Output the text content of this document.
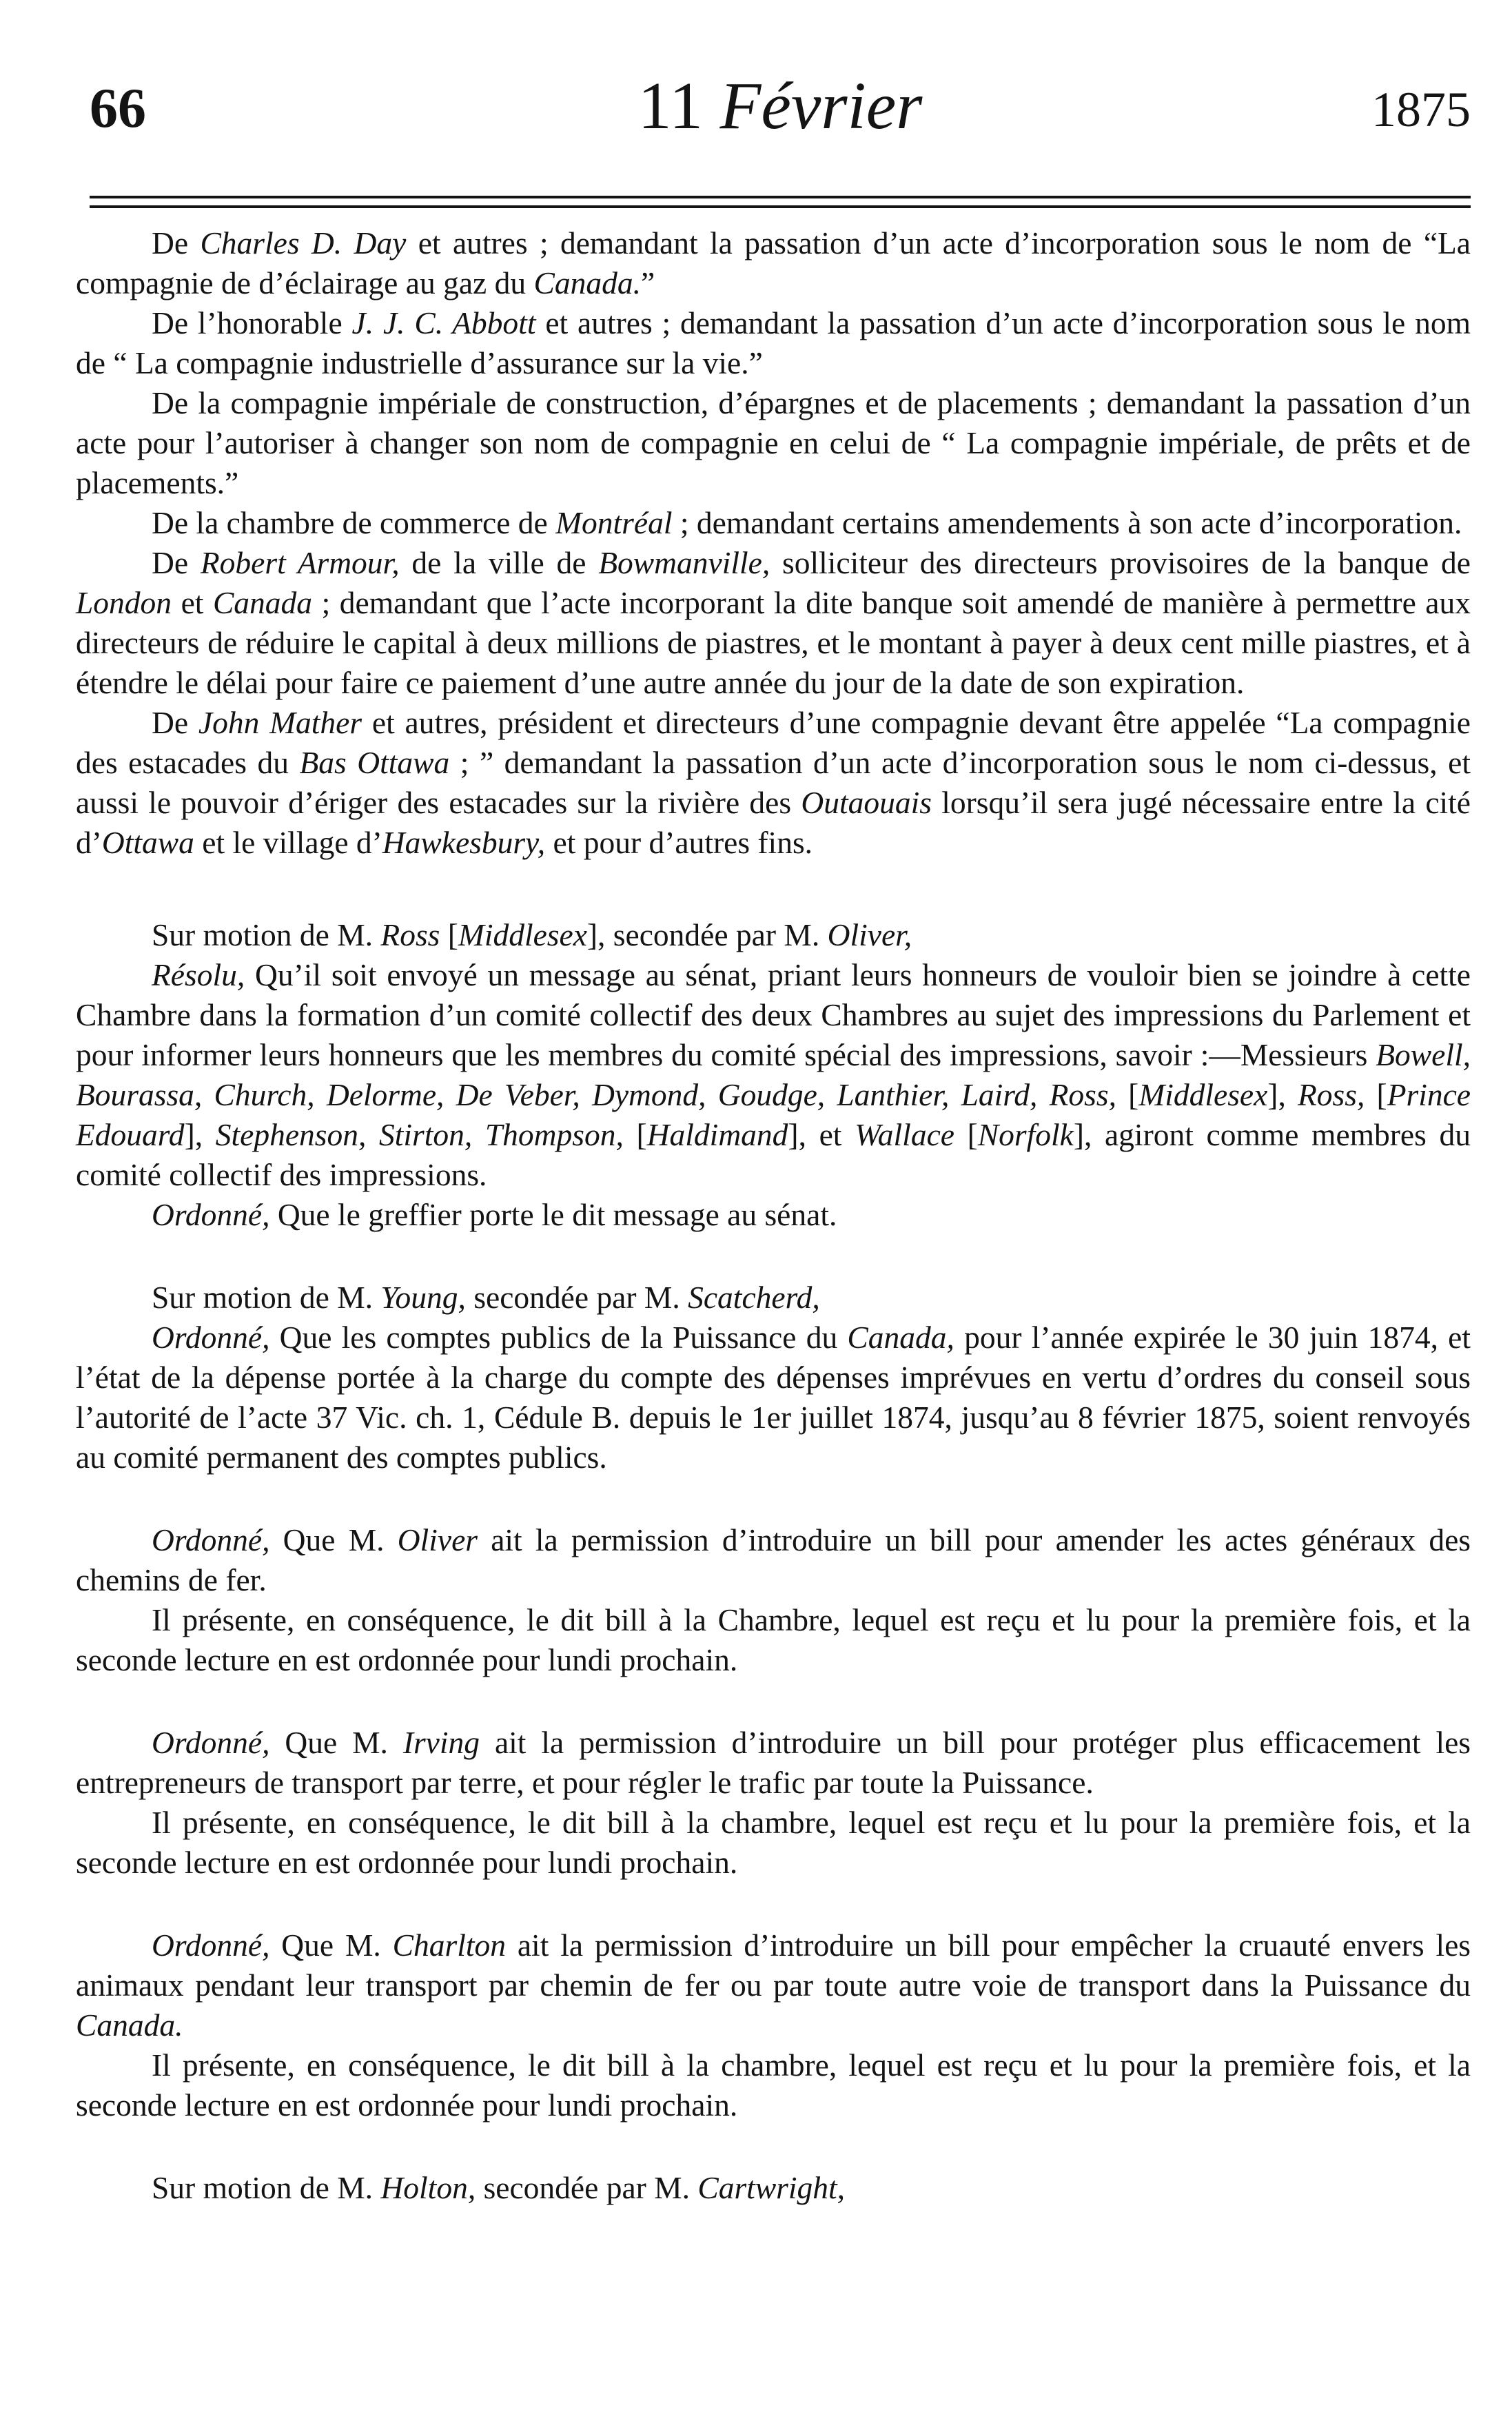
66	11 Février	1875

De Charles D. Day et autres ; demandant la passation d’un acte d’incorporation sous le nom de “La compagnie de d’éclairage au gaz du Canada.”

De l’honorable J. J. C. Abbott et autres ; demandant la passation d’un acte d’incorporation sous le nom de “ La compagnie industrielle d’assurance sur la vie.”

De la compagnie impériale de construction, d’épargnes et de placements ; demandant la passation d’un acte pour l’autoriser à changer son nom de compagnie en celui de “ La compagnie impériale, de prêts et de placements.”

De la chambre de commerce de Montréal ; demandant certains amendements à son acte d’incorporation.

De Robert Armour, de la ville de Bowmanville, solliciteur des directeurs provisoires de la banque de London et Canada ; demandant que l’acte incorporant la dite banque soit amendé de manière à permettre aux directeurs de réduire le capital à deux millions de piastres, et le montant à payer à deux cent mille piastres, et à étendre le délai pour faire ce paiement d’une autre année du jour de la date de son expiration.

De John Mather et autres, président et directeurs d’une compagnie devant être appelée “La compagnie des estacades du Bas Ottawa ; ” demandant la passation d’un acte d’incorporation sous le nom ci-dessus, et aussi le pouvoir d’ériger des estacades sur la rivière des Outaouais lorsqu’il sera jugé nécessaire entre la cité d’Ottawa et le village d’Hawkesbury, et pour d’autres fins.

Sur motion de M. Ross [Middlesex], secondée par M. Oliver,

Résolu, Qu’il soit envoyé un message au sénat, priant leurs honneurs de vouloir bien se joindre à cette Chambre dans la formation d’un comité collectif des deux Chambres au sujet des impressions du Parlement et pour informer leurs honneurs que les membres du comité spécial des impressions, savoir :—Messieurs Bowell, Bourassa, Church, Delorme, De Veber, Dymond, Goudge, Lanthier, Laird, Ross, [Middlesex], Ross, [Prince Edouard], Stephenson, Stirton, Thompson, [Haldimand], et Wallace [Norfolk], agiront comme membres du comité collectif des impressions.

Ordonné, Que le greffier porte le dit message au sénat.

Sur motion de M. Young, secondée par M. Scatcherd,

Ordonné, Que les comptes publics de la Puissance du Canada, pour l’année expirée le 30 juin 1874, et l’état de la dépense portée à la charge du compte des dépenses imprévues en vertu d’ordres du conseil sous l’autorité de l’acte 37 Vic. ch. 1, Cédule B. depuis le 1er juillet 1874, jusqu’au 8 février 1875, soient renvoyés au comité permanent des comptes publics.

Ordonné, Que M. Oliver ait la permission d’introduire un bill pour amender les actes généraux des chemins de fer.

Il présente, en conséquence, le dit bill à la Chambre, lequel est reçu et lu pour la première fois, et la seconde lecture en est ordonnée pour lundi prochain.

Ordonné, Que M. Irving ait la permission d’introduire un bill pour protéger plus efficacement les entrepreneurs de transport par terre, et pour régler le trafic par toute la Puissance.

Il présente, en conséquence, le dit bill à la chambre, lequel est reçu et lu pour la première fois, et la seconde lecture en est ordonnée pour lundi prochain.

Ordonné, Que M. Charlton ait la permission d’introduire un bill pour empêcher la cruauté envers les animaux pendant leur transport par chemin de fer ou par toute autre voie de transport dans la Puissance du Canada.

Il présente, en conséquence, le dit bill à la chambre, lequel est reçu et lu pour la première fois, et la seconde lecture en est ordonnée pour lundi prochain.

Sur motion de M. Holton, secondée par M. Cartwright,
